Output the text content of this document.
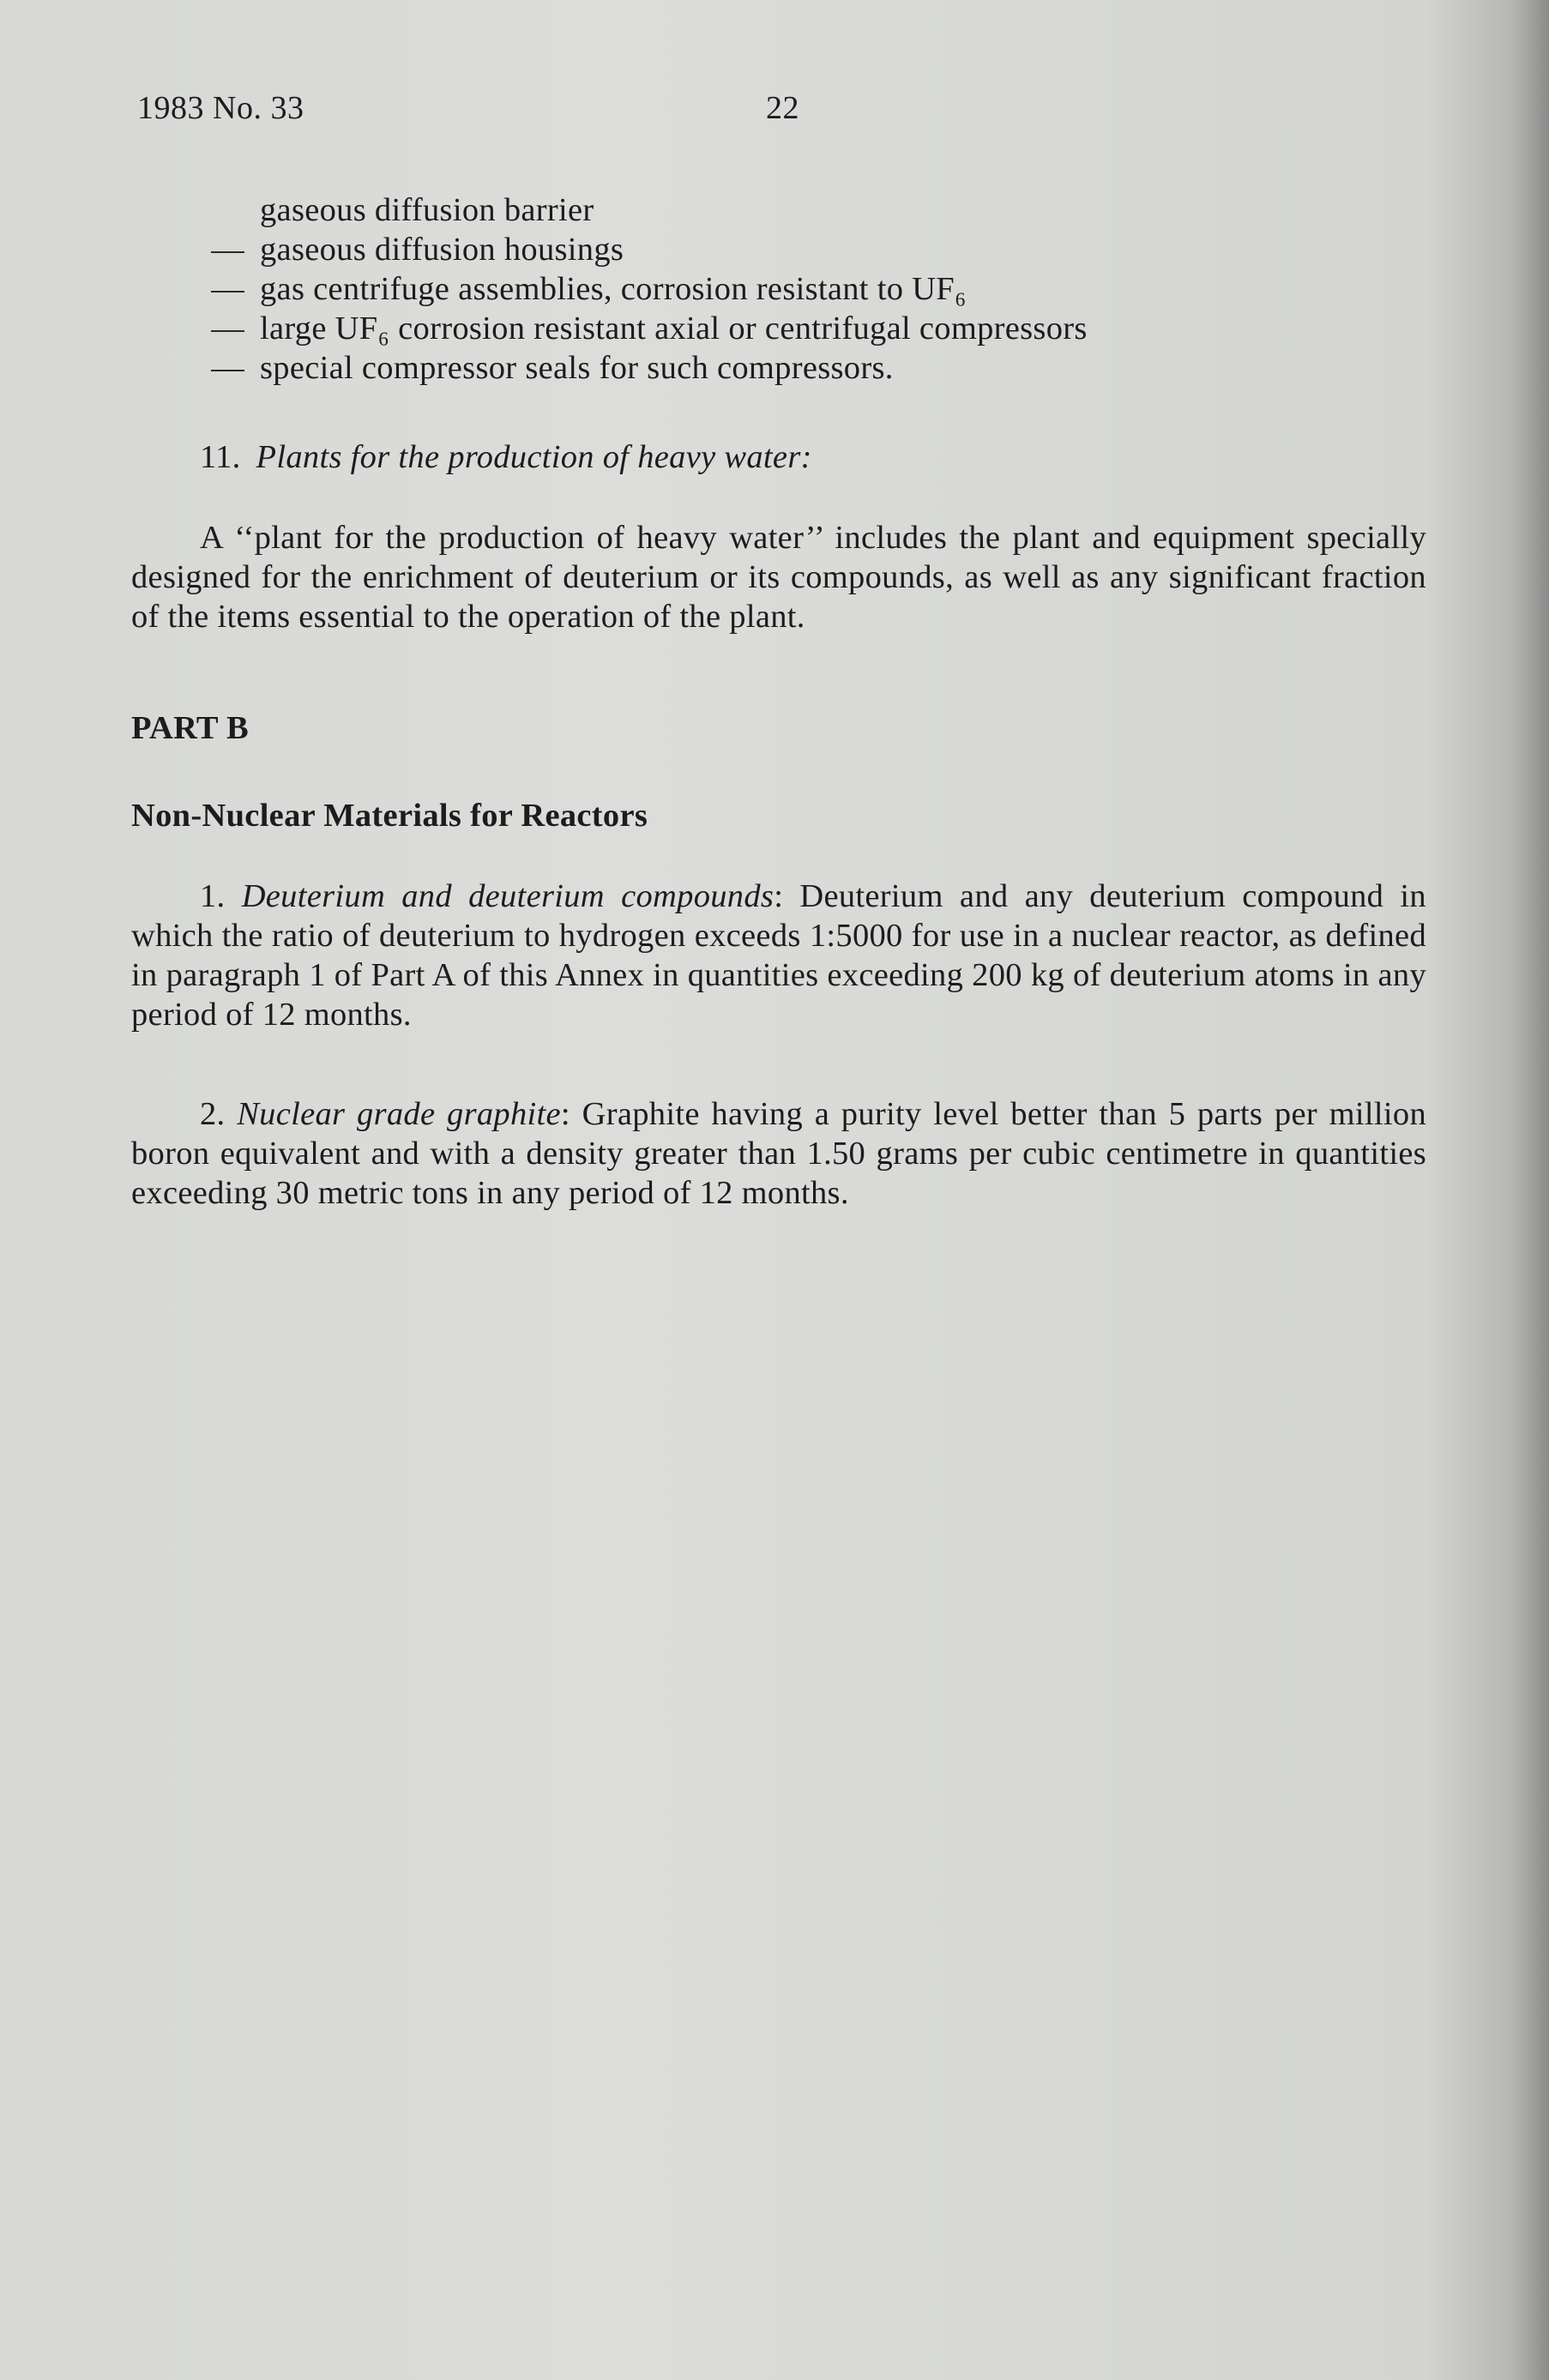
1983 No. 33	22
gaseous diffusion barrier
— gaseous diffusion housings
— gas centrifuge assemblies, corrosion resistant to UF₆
— large UF₆ corrosion resistant axial or centrifugal compressors
— special compressor seals for such compressors.
11. Plants for the production of heavy water:

A ‘‘plant for the production of heavy water’’ includes the plant and equipment specially designed for the enrichment of deuterium or its compounds, as well as any significant fraction of the items essential to the operation of the plant.

PART B

Non-Nuclear Materials for Reactors

1. Deuterium and deuterium compounds: Deuterium and any deuterium compound in which the ratio of deuterium to hydrogen exceeds 1:5000 for use in a nuclear reactor, as defined in paragraph 1 of Part A of this Annex in quantities exceeding 200 kg of deuterium atoms in any period of 12 months.

2. Nuclear grade graphite: Graphite having a purity level better than 5 parts per million boron equivalent and with a density greater than 1.50 grams per cubic centimetre in quantities exceeding 30 metric tons in any period of 12 months.
